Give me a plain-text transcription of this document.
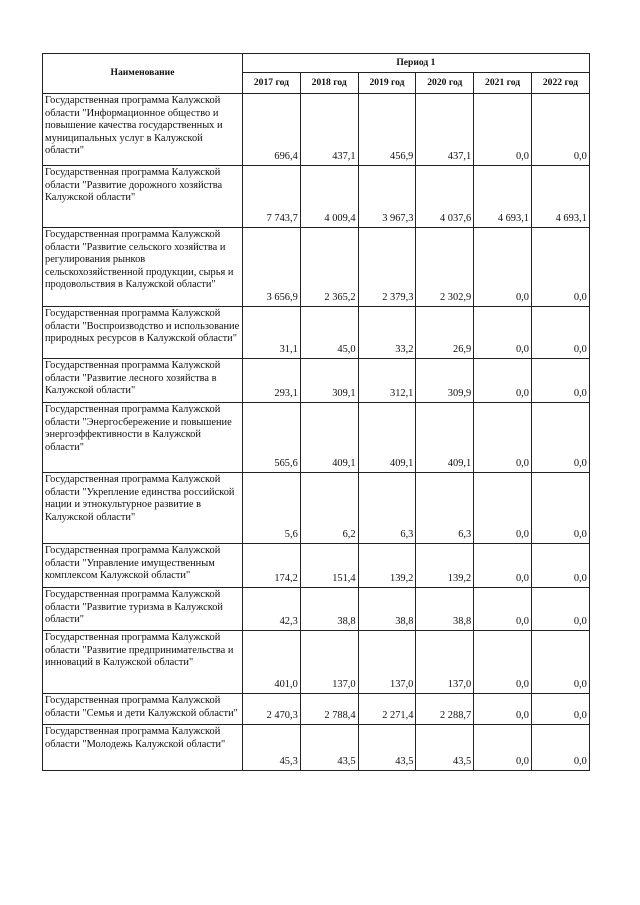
Наименование	Период 1					
	2017 год	2018 год	2019 год	2020 год	2021 год	2022 год
Государственная программа Калужской области "Информационное общество и повышение качества государственных и муниципальных услуг в Калужской области"	696,4	437,1	456,9	437,1	0,0	0,0
Государственная программа Калужской области "Развитие дорожного хозяйства Калужской области"	7 743,7	4 009,4	3 967,3	4 037,6	4 693,1	4 693,1
Государственная программа Калужской области "Развитие сельского хозяйства и регулирования рынков сельскохозяйственной продукции, сырья и продовольствия в Калужской области"	3 656,9	2 365,2	2 379,3	2 302,9	0,0	0,0
Государственная программа Калужской области "Воспроизводство и использование природных ресурсов в Калужской области"	31,1	45,0	33,2	26,9	0,0	0,0
Государственная программа Калужской области "Развитие лесного хозяйства в Калужской области"	293,1	309,1	312,1	309,9	0,0	0,0
Государственная программа Калужской области "Энергосбережение и повышение энергоэффективности в Калужской области"	565,6	409,1	409,1	409,1	0,0	0,0
Государственная программа Калужской области "Укрепление единства российской нации и этнокультурное развитие в Калужской области"	5,6	6,2	6,3	6,3	0,0	0,0
Государственная программа Калужской области "Управление имущественным комплексом Калужской области"	174,2	151,4	139,2	139,2	0,0	0,0
Государственная программа Калужской области "Развитие туризма в Калужской области"	42,3	38,8	38,8	38,8	0,0	0,0
Государственная программа Калужской области "Развитие предпринимательства и инноваций в Калужской области"	401,0	137,0	137,0	137,0	0,0	0,0
Государственная программа Калужской области "Семья и дети Калужской области"	2 470,3	2 788,4	2 271,4	2 288,7	0,0	0,0
Государственная программа Калужской области "Молодежь Калужской области"	45,3	43,5	43,5	43,5	0,0	0,0
